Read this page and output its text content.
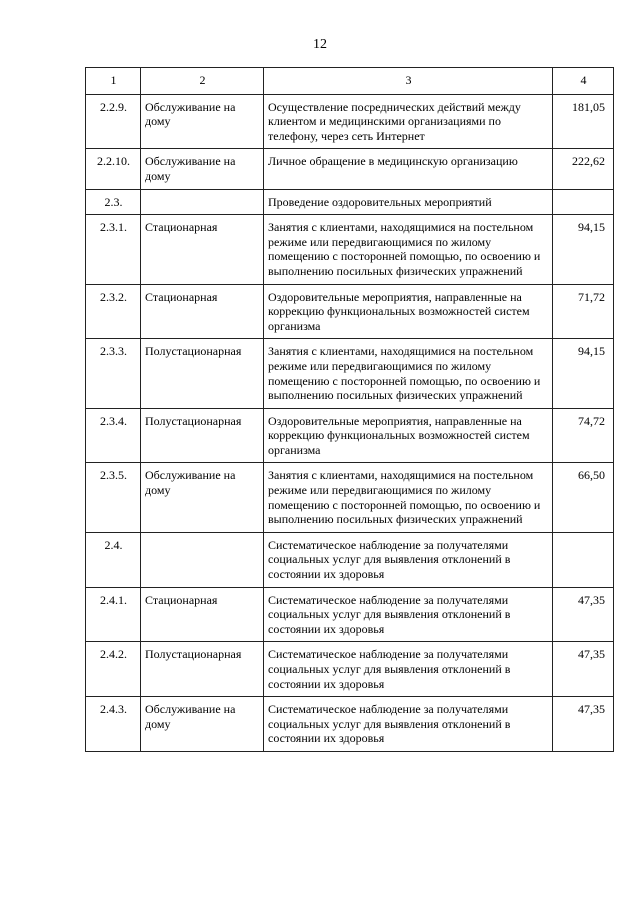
12
1	2	3	4
2.2.9.	Обслуживание на дому	Осуществление посреднических действий между клиентом и медицинскими организациями по телефону, через сеть Интернет	181,05
2.2.10.	Обслуживание на дому	Личное обращение в медицинскую организацию	222,62
2.3.		Проведение оздоровительных мероприятий	
2.3.1.	Стационарная	Занятия с клиентами, находящимися на постельном режиме или передвигающимися по жилому помещению с посторонней помощью, по освоению и выполнению посильных физических упражнений	94,15
2.3.2.	Стационарная	Оздоровительные мероприятия, направленные на коррекцию функциональных возможностей систем организма	71,72
2.3.3.	Полустационарная	Занятия с клиентами, находящимися на постельном режиме или передвигающимися по жилому помещению с посторонней помощью, по освоению и выполнению посильных физических упражнений	94,15
2.3.4.	Полустационарная	Оздоровительные мероприятия, направленные на коррекцию функциональных возможностей систем организма	74,72
2.3.5.	Обслуживание на дому	Занятия с клиентами, находящимися на постельном режиме или передвигающимися по жилому помещению с посторонней помощью, по освоению и выполнению посильных физических упражнений	66,50
2.4.		Систематическое наблюдение за получателями социальных услуг для выявления отклонений в состоянии их здоровья	
2.4.1.	Стационарная	Систематическое наблюдение за получателями социальных услуг для выявления отклонений в состоянии их здоровья	47,35
2.4.2.	Полустационарная	Систематическое наблюдение за получателями социальных услуг для выявления отклонений в состоянии их здоровья	47,35
2.4.3.	Обслуживание на дому	Систематическое наблюдение за получателями социальных услуг для выявления отклонений в состоянии их здоровья	47,35
